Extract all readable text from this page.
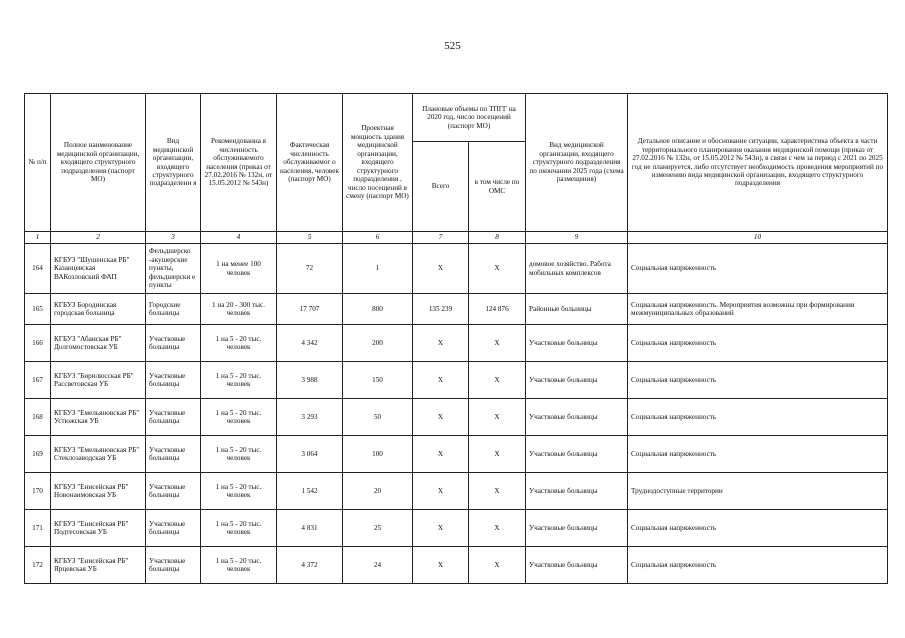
525
№ п/п	Полное наименование медицинской организации, входящего структурного подразделения (паспорт МО)	Вид медицинской организации, входящего структурного подразделени я	Рекомендованна я численность обслуживаемого населения (приказ от 27.02.2016 № 132н, от 15.05.2012 № 543н)	Фактическая численность обслуживаемог о населения, человек (паспорт МО)	Проектная мощность здания медицинской организации, входящего структурного подразделения , число посещений в смену (паспорт МО)	Плановые объемы по ТПГГ на 2020 год, число посещений (паспорт МО)		Вид медицинской организации, входящего структурного подразделения по окончании 2025 года (схема размещения)	Детальное описание и обоснование ситуации, характеристика объекта в части территориального планирования оказания медицинской помощи (приказ от 27.02.2016 № 132н, от 15.05.2012 № 543н), в связи с чем за период с 2021 по 2025 год не планируется, либо отсутствует необходимость проведения мероприятий по изменению вида медицинской организации, входящего структурного подразделения
						Всего	в том числе по ОМС		
1	2	3	4	5	6	7	8	9	10
164	КГБУЗ "Шушенская РБ" Казанцевская ВАКозловский ФАП	Фельдшерско -акушерские пункты, фельдшерски е пункты	1 на менее 100 человек	72	1	Х	Х	домовое хозяйство. Работа мобильных комплексов	Социальная напряженность
165	КГБУЗ Бородинская городская больница	Городские больницы	1 на 20 - 300 тыс. человек	17 707	800	135 239	124 876	Районные больницы	Социальная напряженность. Мероприятия возможны при формировании межмуниципальных образований
166	КГБУЗ "Абанская РБ" Долгомостовская УБ	Участковые больницы	1 на 5 - 20 тыс. человек	4 342	200	Х	Х	Участковые больницы	Социальная напряженность
167	КГБУЗ "Бирилюсская РБ" Рассветовская УБ	Участковые больницы	1 на 5 - 20 тыс. человек	3 988	150	Х	Х	Участковые больницы	Социальная напряженность
168	КГБУЗ "Емельяновская РБ" Устюжская УБ	Участковые больницы	1 на 5 - 20 тыс. человек	3 293	50	Х	Х	Участковые больницы	Социальная напряженность
169	КГБУЗ "Емельяновская РБ" Стеклозаводская УБ	Участковые больницы	1 на 5 - 20 тыс. человек	3 064	100	Х	Х	Участковые больницы	Социальная напряженность
170	КГБУЗ "Енисейская РБ" Новонаимовская УБ	Участковые больницы	1 на 5 - 20 тыс. человек	1 542	20	Х	Х	Участковые больницы	Труднодоступные территории
171	КГБУЗ "Енисейская РБ" Подтесовская УБ	Участковые больницы	1 на 5 - 20 тыс. человек	4 831	25	Х	Х	Участковые больницы	Социальная напряженность
172	КГБУЗ "Енисейская РБ" Ярцевская УБ	Участковые больницы	1 на 5 - 20 тыс. человек	4 372	24	Х	Х	Участковые больницы	Социальная напряженность
